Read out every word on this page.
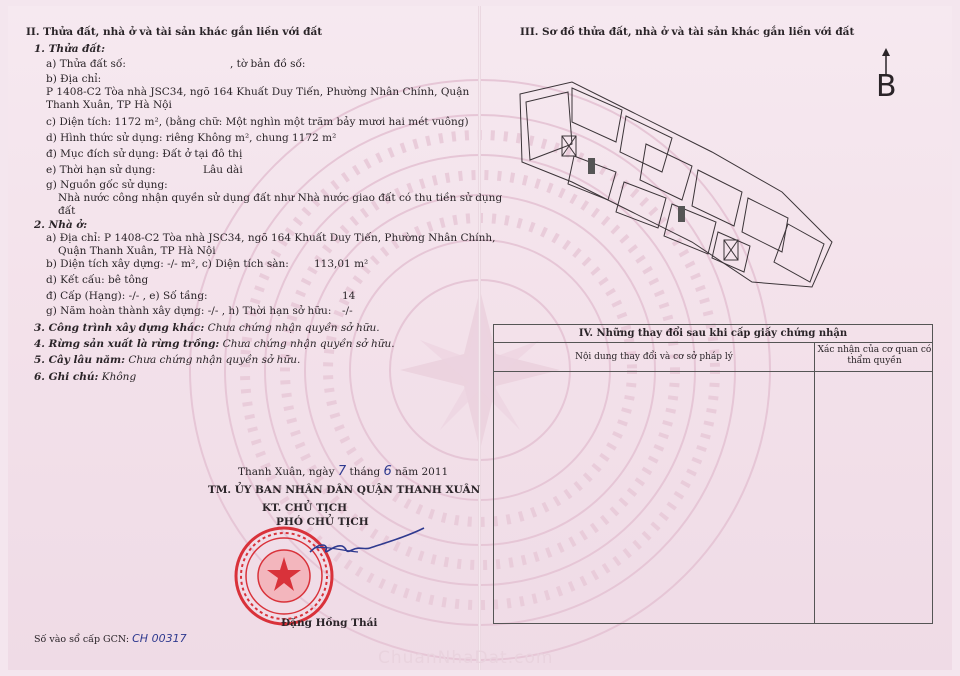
II. Thửa đất, nhà ở và tài sản khác gắn liền với đất
1. Thửa đất:
a) Thửa đất số:	, tờ bản đồ số:
b) Địa chỉ:
P 1408-C2 Tòa nhà JSC34, ngõ 164 Khuất Duy Tiến, Phường Nhân Chính, Quận
Thanh Xuân, TP Hà Nội
c) Diện tích: 1172 m², (bằng chữ: Một nghìn một trăm bảy mươi hai mét vuông)
d) Hình thức sử dụng: riêng Không m², chung 1172 m²
đ) Mục đích sử dụng: Đất ở tại đô thị
e) Thời hạn sử dụng:	Lâu dài
g) Nguồn gốc sử dụng:
Nhà nước công nhận quyền sử dụng đất như Nhà nước giao đất có thu tiền sử dụng
đất
2. Nhà ở:
a) Địa chỉ: P 1408-C2 Tòa nhà JSC34, ngõ 164 Khuất Duy Tiến, Phường Nhân Chính,
Quận Thanh Xuân, TP Hà Nội
b) Diện tích xây dựng: -/- m², c) Diện tích sàn: 113,01 m²
d) Kết cấu: bê tông
đ) Cấp (Hạng): -/- , e) Số tầng:	14
g) Năm hoàn thành xây dựng: -/- , h) Thời hạn sở hữu: -/-
3. Công trình xây dựng khác: Chưa chứng nhận quyền sở hữu.
4. Rừng sản xuất là rừng trồng: Chưa chứng nhận quyền sở hữu.
5. Cây lâu năm: Chưa chứng nhận quyền sở hữu.
6. Ghi chú: Không
Thanh Xuân, ngày 7 tháng 6 năm 2011
TM. ỦY BAN NHÂN DÂN QUẬN THANH XUÂN
KT. CHỦ TỊCH
PHÓ CHỦ TỊCH
Đặng Hồng Thái
Số vào sổ cấp GCN: CH 00317
III. Sơ đồ thửa đất, nhà ở và tài sản khác gắn liền với đất
B
IV. Những thay đổi sau khi cấp giấy chứng nhận
Nội dung thay đổi và cơ sở pháp lý
Xác nhận của cơ quan có thẩm quyền
ChuanNhaDat.com
